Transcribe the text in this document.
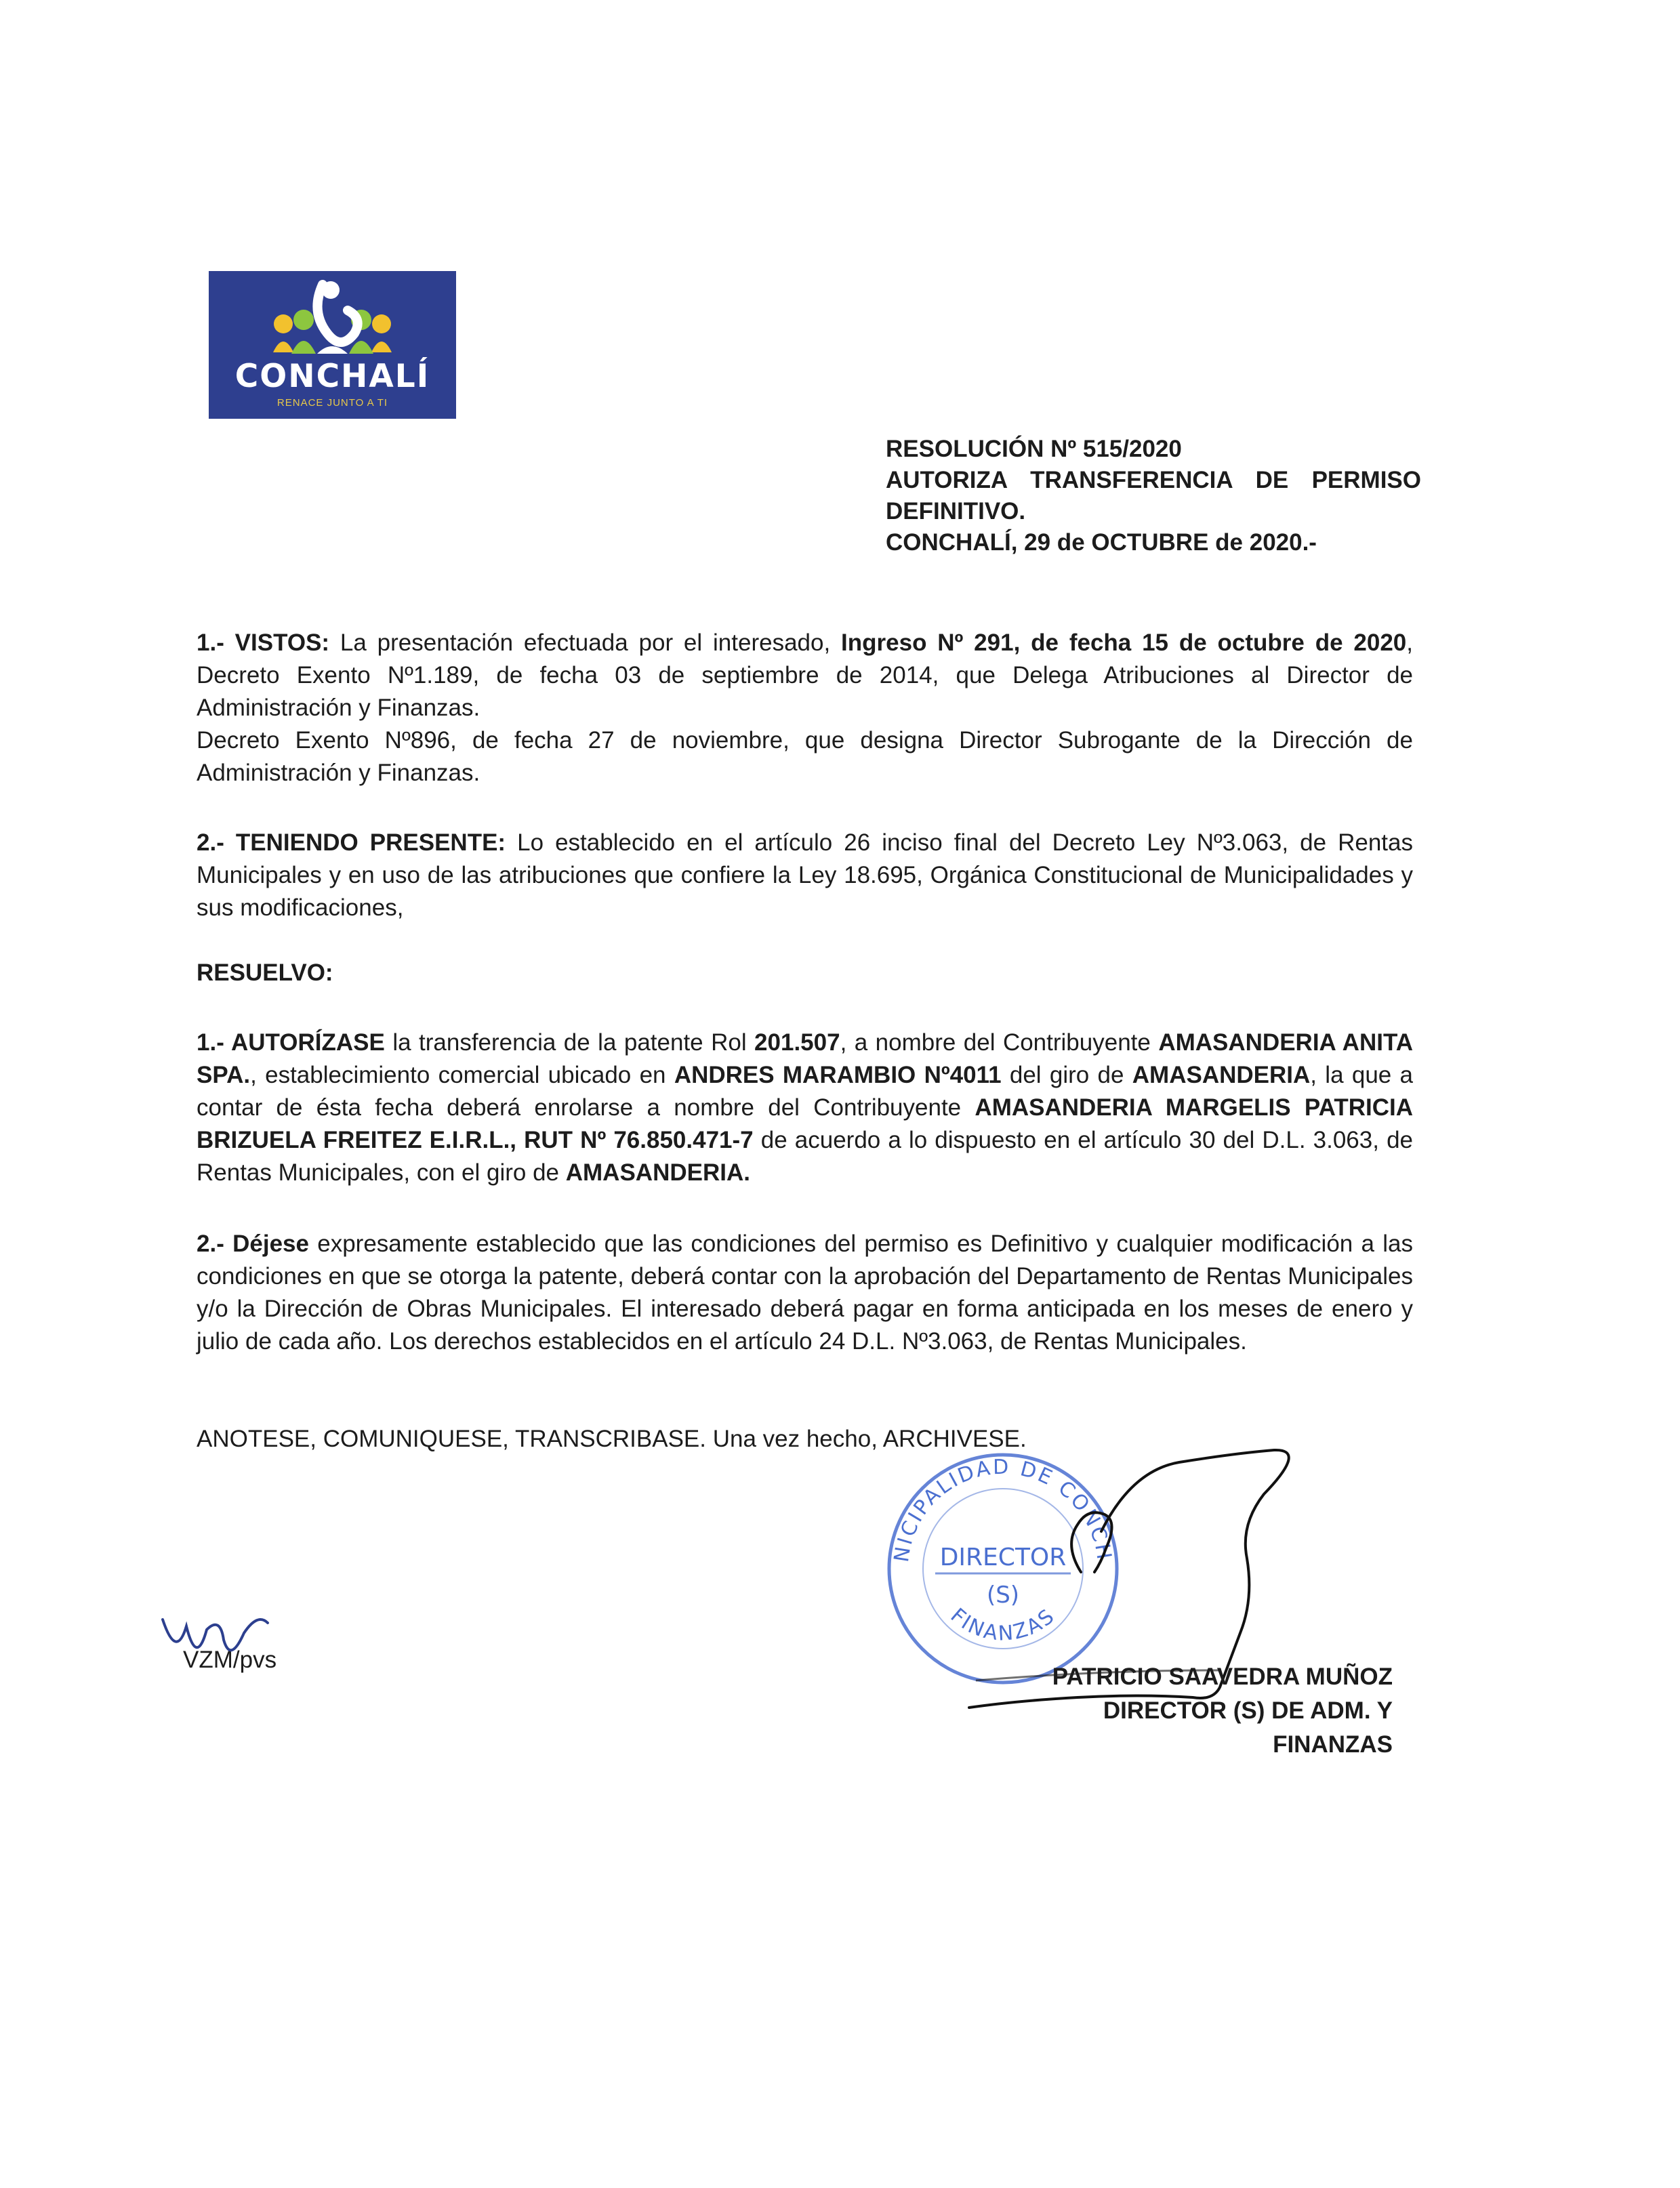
CONCHALÍ
RENACE JUNTO A TI
RESOLUCIÓN Nº 515/2020
AUTORIZA TRANSFERENCIA DE PERMISO
DEFINITIVO.
CONCHALÍ, 29 de OCTUBRE de 2020.-

1.- VISTOS: La presentación efectuada por el interesado, Ingreso Nº 291, de fecha 15 de octubre de 2020, Decreto Exento Nº1.189, de fecha 03 de septiembre de 2014, que Delega Atribuciones al Director de Administración y Finanzas.

Decreto Exento Nº896, de fecha 27 de noviembre, que designa Director Subrogante de la Dirección de Administración y Finanzas.

2.- TENIENDO PRESENTE: Lo establecido en el artículo 26 inciso final del Decreto Ley Nº3.063, de Rentas Municipales y en uso de las atribuciones que confiere la Ley 18.695, Orgánica Constitucional de Municipalidades y sus modificaciones,

RESUELVO:

1.- AUTORÍZASE la transferencia de la patente Rol 201.507, a nombre del Contribuyente AMASANDERIA ANITA SPA., establecimiento comercial ubicado en ANDRES MARAMBIO Nº4011 del giro de AMASANDERIA, la que a contar de ésta fecha deberá enrolarse a nombre del Contribuyente AMASANDERIA MARGELIS PATRICIA BRIZUELA FREITEZ E.I.R.L., RUT Nº 76.850.471-7 de acuerdo a lo dispuesto en el artículo 30 del D.L. 3.063, de Rentas Municipales, con el giro de AMASANDERIA.

2.- Déjese expresamente establecido que las condiciones del permiso es Definitivo y cualquier modificación a las condiciones en que se otorga la patente, deberá contar con la aprobación del Departamento de Rentas Municipales y/o la Dirección de Obras Municipales. El interesado deberá pagar en forma anticipada en los meses de enero y julio de cada año. Los derechos establecidos en el artículo 24 D.L. Nº3.063, de Rentas Municipales.

ANOTESE, COMUNIQUESE, TRANSCRIBASE. Una vez hecho, ARCHIVESE.
NICIPALIDAD DE CONCH
FINANZAS
DIRECTOR
(S)
VZM/pvs
PATRICIO SAAVEDRA MUÑOZ
DIRECTOR (S) DE ADM. Y FINANZAS
